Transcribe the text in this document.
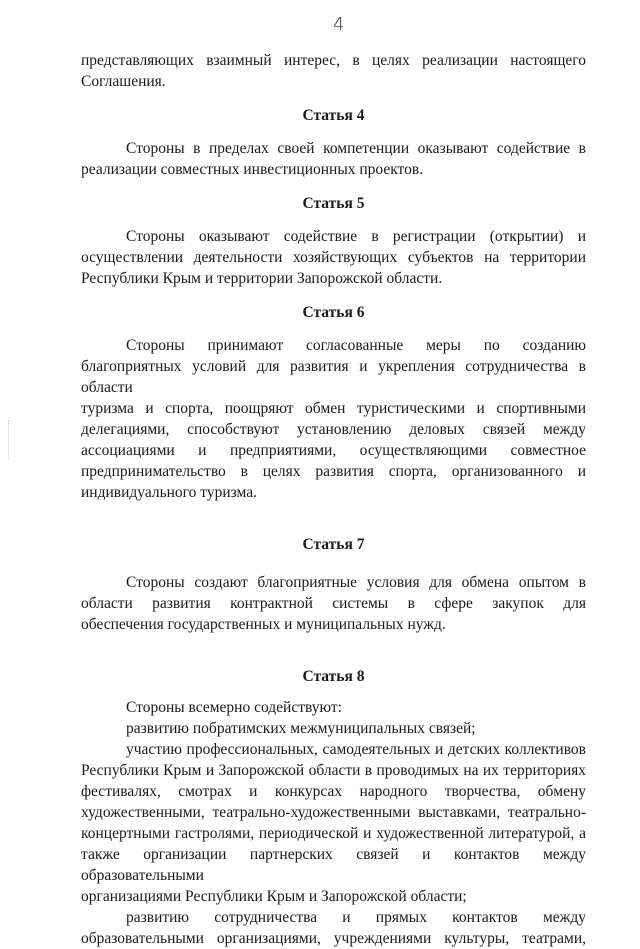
4
представляющих взаимный интерес, в целях реализации настоящего
Соглашения.
Статья 4
Стороны в пределах своей компетенции оказывают содействие в
реализации совместных инвестиционных проектов.
Статья 5
Стороны оказывают содействие в регистрации (открытии) и
осуществлении деятельности хозяйствующих субъектов на территории
Республики Крым и территории Запорожской области.
Статья 6
Стороны принимают согласованные меры по созданию
благоприятных условий для развития и укрепления сотрудничества в области
туризма и спорта, поощряют обмен туристическими и спортивными
делегациями, способствуют установлению деловых связей между
ассоциациями и предприятиями, осуществляющими совместное
предпринимательство в целях развития спорта, организованного и
индивидуального туризма.
Статья 7
Стороны создают благоприятные условия для обмена опытом в
области развития контрактной системы в сфере закупок для
обеспечения государственных и муниципальных нужд.
Статья 8
Стороны всемерно содействуют:
развитию побратимских межмуниципальных связей;
участию профессиональных, самодеятельных и детских коллективов
Республики Крым и Запорожской области в проводимых на их территориях
фестивалях, смотрах и конкурсах народного творчества, обмену
художественными, театрально-художественными выставками, театрально-
концертными гастролями, периодической и художественной литературой, а
также организации партнерских связей и контактов между образовательными
организациями Республики Крым и Запорожской области;
развитию сотрудничества и прямых контактов между
образовательными организациями, учреждениями культуры, театрами,
